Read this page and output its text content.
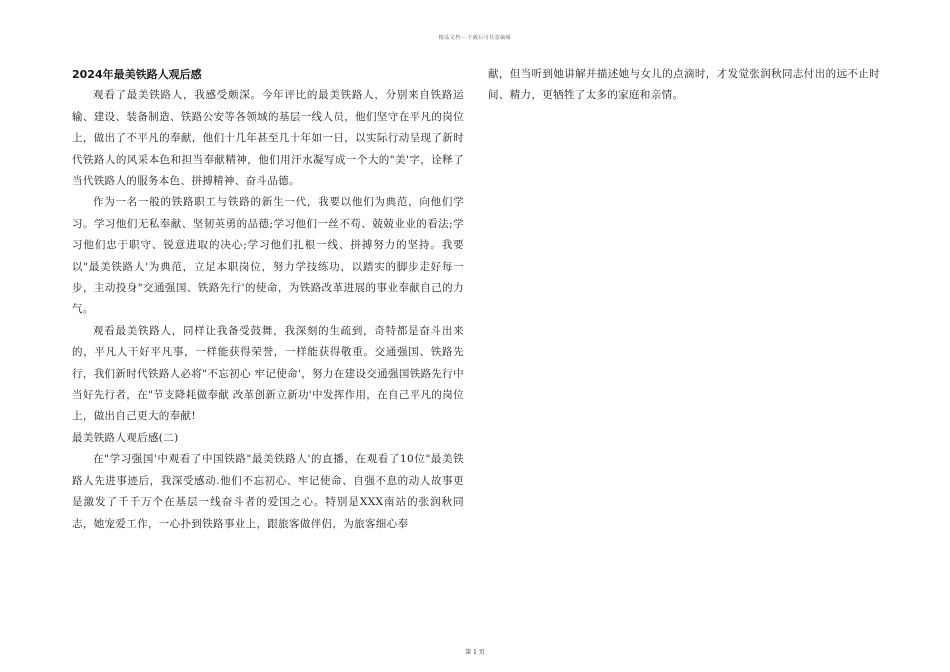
精品文档---下载后可任意编辑

2024年最美铁路人观后感

观看了最美铁路人，我感受颇深。今年评比的最美铁路人，分别来自铁路运输、建设、装备制造、铁路公安等各领域的基层一线人员，他们坚守在平凡的岗位上，做出了不平凡的奉献，他们十几年甚至几十年如一日，以实际行动呈现了新时代铁路人的风采本色和担当奉献精神，他们用汗水凝写成一个大的"美'字，诠释了当代铁路人的服务本色、拼搏精神、奋斗品德。

作为一名一般的铁路职工与铁路的新生一代，我要以他们为典范，向他们学习。学习他们无私奉献、坚韧英勇的品德;学习他们一丝不苟、兢兢业业的看法;学习他们忠于职守、锐意进取的决心;学习他们扎根一线、拼搏努力的坚持。我要以"最美铁路人'为典范，立足本职岗位，努力学技练功，以踏实的脚步走好每一步，主动投身"交通强国、铁路先行'的使命，为铁路改革进展的事业奉献自己的力气。

观看最美铁路人，同样让我备受鼓舞，我深刻的生疏到，奇特都是奋斗出来的，平凡人干好平凡事，一样能获得荣誉，一样能获得敬重。交通强国、铁路先行，我们新时代铁路人必将"不忘初心 牢记使命'，努力在建设交通强国铁路先行中当好先行者，在"节支降耗做奉献 改革创新立新功'中发挥作用，在自己平凡的岗位上，做出自己更大的奉献!

最美铁路人观后感(二)

在"学习强国'中观看了中国铁路"最美铁路人'的直播，在观看了10位"最美铁路人先进事迹后，我深受感动.他们不忘初心、牢记使命、自强不息的动人故事更是激发了千千万个在基层一线奋斗者的爱国之心。特别是XXX南站的张润秋同志，她宠爱工作，一心扑到铁路事业上，跟旅客做伴侣，为旅客细心奉

献，但当听到她讲解并描述她与女儿的点滴时，才发觉张润秋同志付出的远不止时间、精力，更牺牲了太多的家庭和亲情。

第 1 页
